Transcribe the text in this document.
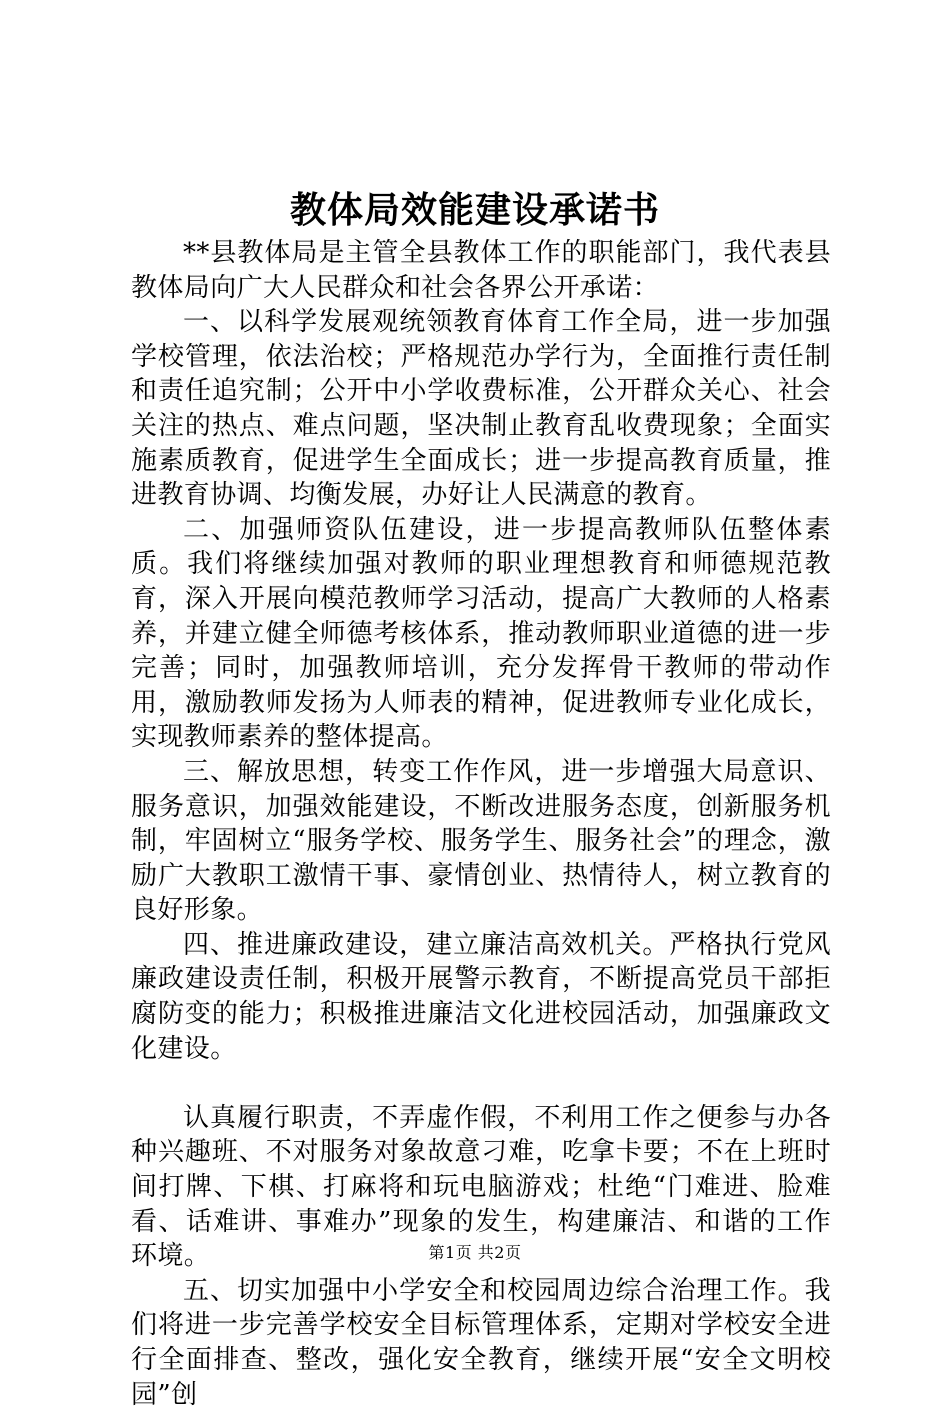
教体局效能建设承诺书

**县教体局是主管全县教体工作的职能部门，我代表县教体局向广大人民群众和社会各界公开承诺：

一、以科学发展观统领教育体育工作全局，进一步加强学校管理，依法治校；严格规范办学行为，全面推行责任制和责任追究制；公开中小学收费标准，公开群众关心、社会关注的热点、难点问题，坚决制止教育乱收费现象；全面实施素质教育，促进学生全面成长；进一步提高教育质量，推进教育协调、均衡发展，办好让人民满意的教育。

二、加强师资队伍建设，进一步提高教师队伍整体素质。我们将继续加强对教师的职业理想教育和师德规范教育，深入开展向模范教师学习活动，提高广大教师的人格素养，并建立健全师德考核体系，推动教师职业道德的进一步完善；同时，加强教师培训，充分发挥骨干教师的带动作用，激励教师发扬为人师表的精神，促进教师专业化成长，实现教师素养的整体提高。

三、解放思想，转变工作作风，进一步增强大局意识、服务意识，加强效能建设，不断改进服务态度，创新服务机制，牢固树立“服务学校、服务学生、服务社会”的理念，激励广大教职工激情干事、豪情创业、热情待人，树立教育的良好形象。

四、推进廉政建设，建立廉洁高效机关。严格执行党风廉政建设责任制，积极开展警示教育，不断提高党员干部拒腐防变的能力；积极推进廉洁文化进校园活动，加强廉政文化建设。

认真履行职责，不弄虚作假，不利用工作之便参与办各种兴趣班、不对服务对象故意刁难，吃拿卡要；不在上班时间打牌、下棋、打麻将和玩电脑游戏；杜绝“门难进、脸难看、话难讲、事难办”现象的发生，构建廉洁、和谐的工作环境。

五、切实加强中小学安全和校园周边综合治理工作。我们将进一步完善学校安全目标管理体系，定期对学校安全进行全面排查、整改，强化安全教育，继续开展“安全文明校园”创

第1页 共2页
